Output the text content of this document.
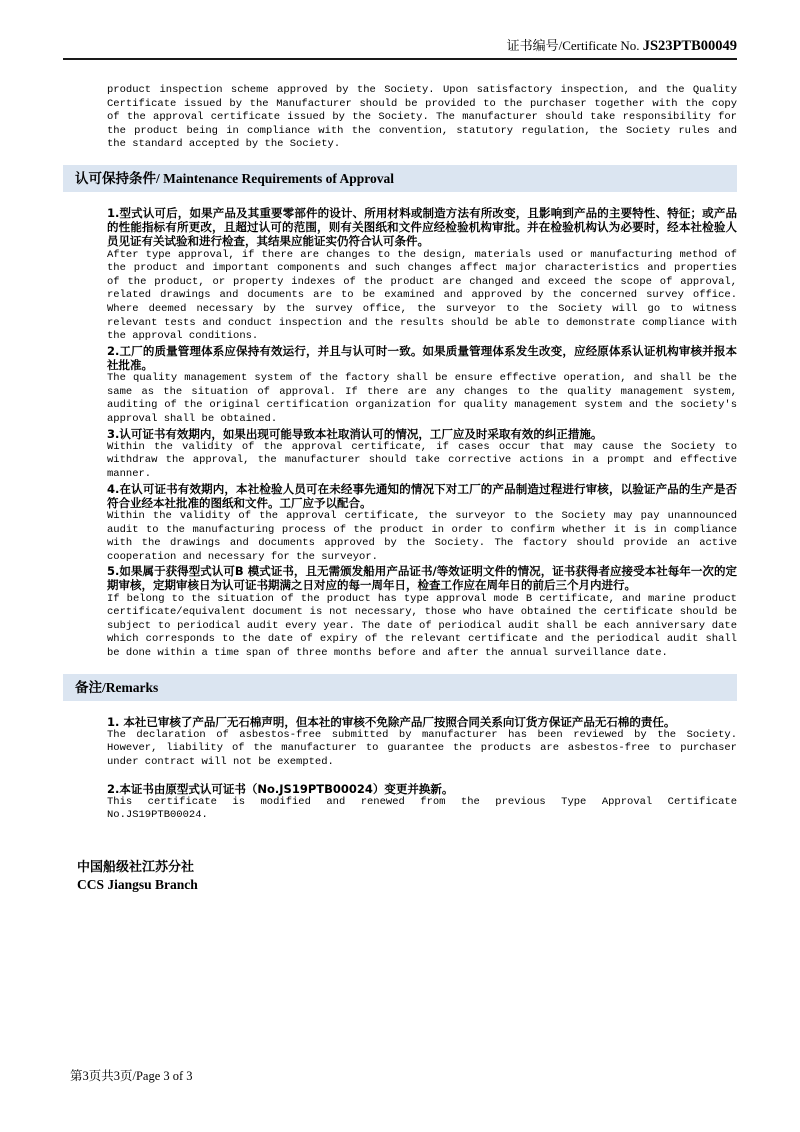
证书编号/Certificate No. JS23PTB00049

product inspection scheme approved by the Society. Upon satisfactory inspection, and the Quality Certificate issued by the Manufacturer should be provided to the purchaser together with the copy of the approval certificate issued by the Society. The manufacturer should take responsibility for the product being in compliance with the convention, statutory regulation, the Society rules and the standard accepted by the Society.

认可保持条件/ Maintenance Requirements of Approval

1.型式认可后，如果产品及其重要零部件的设计、所用材料或制造方法有所改变，且影响到产品的主要特性、特征；或产品的性能指标有所更改，且超过认可的范围，则有关图纸和文件应经检验机构审批。并在检验机构认为必要时，经本社检验人员见证有关试验和进行检查，其结果应能证实仍符合认可条件。

After type approval, if there are changes to the design, materials used or manufacturing method of the product and important components and such changes affect major characteristics and properties of the product, or property indexes of the product are changed and exceed the scope of approval, related drawings and documents are to be examined and approved by the concerned survey office. Where deemed necessary by the survey office, the surveyor to the Society will go to witness relevant tests and conduct inspection and the results should be able to demonstrate compliance with the approval conditions.

2.工厂的质量管理体系应保持有效运行，并且与认可时一致。如果质量管理体系发生改变，应经原体系认证机构审核并报本社批准。

The quality management system of the factory shall be ensure effective operation, and shall be the same as the situation of approval. If there are any changes to the quality management system, auditing of the original certification organization for quality management system and the society's approval shall be obtained.

3.认可证书有效期内，如果出现可能导致本社取消认可的情况，工厂应及时采取有效的纠正措施。

Within the validity of the approval certificate, if cases occur that may cause the Society to withdraw the approval, the manufacturer should take corrective actions in a prompt and effective manner.

4.在认可证书有效期内，本社检验人员可在未经事先通知的情况下对工厂的产品制造过程进行审核，以验证产品的生产是否符合业经本社批准的图纸和文件。工厂应予以配合。

Within the validity of the approval certificate, the surveyor to the Society may pay unannounced audit to the manufacturing process of the product in order to confirm whether it is in compliance with the drawings and documents approved by the Society. The factory should provide an active cooperation and necessary for the surveyor.

5.如果属于获得型式认可B 模式证书，且无需颁发船用产品证书/等效证明文件的情况，证书获得者应接受本社每年一次的定期审核，定期审核日为认可证书期满之日对应的每一周年日，检查工作应在周年日的前后三个月内进行。

If belong to the situation of the product has type approval mode B certificate, and marine product certificate/equivalent document is not necessary, those who have obtained the certificate should be subject to periodical audit every year. The date of periodical audit shall be each anniversary date which corresponds to the date of expiry of the relevant certificate and the periodical audit shall be done within a time span of three months before and after the annual surveillance date.

备注/Remarks

1. 本社已审核了产品厂无石棉声明，但本社的审核不免除产品厂按照合同关系向订货方保证产品无石棉的责任。

The declaration of asbestos-free submitted by manufacturer has been reviewed by the Society. However, liability of the manufacturer to guarantee the products are asbestos-free to purchaser under contract will not be exempted.

2.本证书由原型式认可证书（No.JS19PTB00024）变更并换新。

This certificate is modified and renewed from the previous Type Approval Certificate No.JS19PTB00024.

中国船级社江苏分社
CCS Jiangsu Branch
第3页共3页/Page 3 of 3
